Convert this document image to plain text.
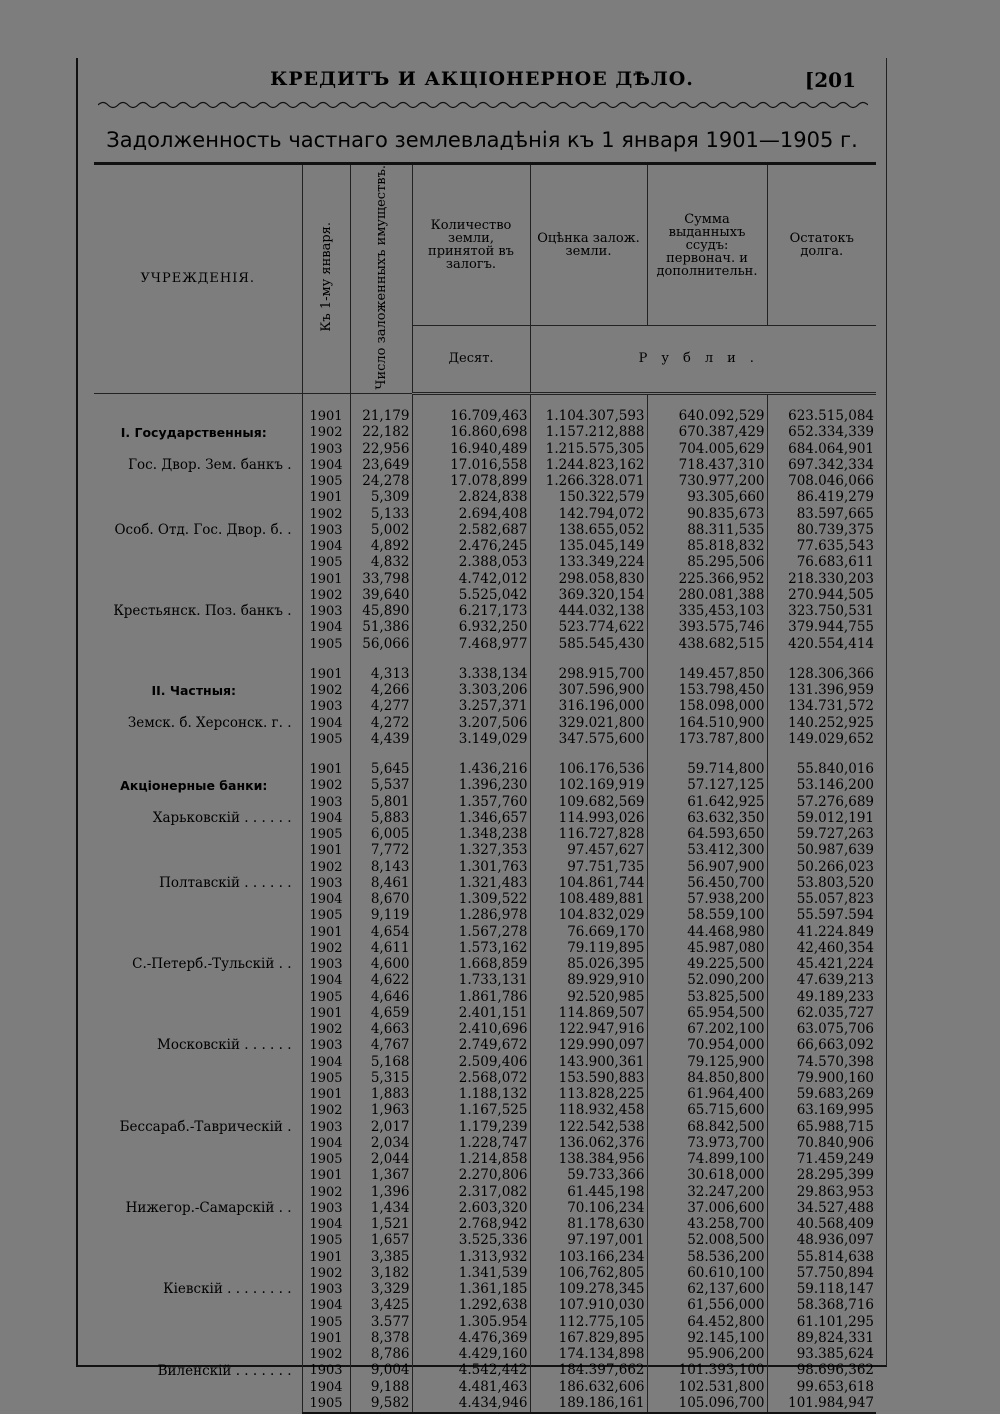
КРЕДИТЪ И АКЦІОНЕРНОЕ ДѢЛО.	[201
Задолженность частнаго землевладѣнія къ 1 января 1901—1905 г.
УЧРЕЖДЕНІЯ.	Къ 1-му января.	Число заложенныхъ имуществъ.	Количество земли, принятой въ залогъ.	Оцѣнка залож. земли.	Сумма выданныхъ ссудъ: первонач. и дополнительн.	Остатокъ долга.
			Десят.	Рубли.		

I. Государственныя:
Гос. Двор. Зем. банкъ .	1901	21,179	16.709,463	1.104.307,593	640.092,529	623.515,084
	1902	22,182	16.860,698	1.157.212,888	670.387,429	652.334,339
	1903	22,956	16.940,489	1.215.575,305	704.005,629	684.064,901
	1904	23,649	17.016,558	1.244.823,162	718.437,310	697.342,334
	1905	24,278	17.078,899	1.266.328.071	730.977,200	708.046,066
Особ. Отд. Гос. Двор. б. .	1901	5,309	2.824,838	150.322,579	93.305,660	86.419,279
	1902	5,133	2.694,408	142.794,072	90.835,673	83.597,665
	1903	5,002	2.582,687	138.655,052	88.311,535	80.739,375
	1904	4,892	2.476,245	135.045,149	85.818,832	77.635,543
	1905	4,832	2.388,053	133.349,224	85.295,506	76.683,611
Крестьянск. Поз. банкъ .	1901	33,798	4.742,012	298.058,830	225.366,952	218.330,203
	1902	39,640	5.525,042	369.320,154	280.081,388	270.944,505
	1903	45,890	6.217,173	444.032,138	335,453,103	323.750,531
	1904	51,386	6.932,250	523.774,622	393.575,746	379.944,755
	1905	56,066	7.468,977	585.545,430	438.682,515	420.554,414

II. Частныя:
Земск. б. Херсонск. г. .	1901	4,313	3.338,134	298.915,700	149.457,850	128.306,366
	1902	4,266	3.303,206	307.596,900	153.798,450	131.396,959
	1903	4,277	3.257,371	316.196,000	158.098,000	134.731,572
	1904	4,272	3.207,506	329.021,800	164.510,900	140.252,925
	1905	4,439	3.149,029	347.575,600	173.787,800	149.029,652

Акціонерные банки:
Харьковскій . . . . . .	1901	5,645	1.436,216	106.176,536	59.714,800	55.840,016
	1902	5,537	1.396,230	102.169,919	57.127,125	53.146,200
	1903	5,801	1.357,760	109.682,569	61.642,925	57.276,689
	1904	5,883	1.346,657	114.993,026	63.632,350	59.012,191
	1905	6,005	1.348,238	116.727,828	64.593,650	59.727,263
Полтавскій . . . . . .	1901	7,772	1.327,353	97.457,627	53.412,300	50.987,639
	1902	8,143	1.301,763	97.751,735	56.907,900	50.266,023
	1903	8,461	1.321,483	104.861,744	56.450,700	53.803,520
	1904	8,670	1.309,522	108.489,881	57.938,200	55.057,823
	1905	9,119	1.286,978	104.832,029	58.559,100	55.597.594
С.-Петерб.-Тульскій . .	1901	4,654	1.567,278	76.669,170	44.468,980	41.224.849
	1902	4,611	1.573,162	79.119,895	45.987,080	42,460,354
	1903	4,600	1.668,859	85.026,395	49.225,500	45.421,224
	1904	4,622	1.733,131	89.929,910	52.090,200	47.639,213
	1905	4,646	1.861,786	92.520,985	53.825,500	49.189,233
Московскій . . . . . .	1901	4,659	2.401,151	114.869,507	65.954,500	62.035,727
	1902	4,663	2.410,696	122.947,916	67.202,100	63.075,706
	1903	4,767	2.749,672	129.990,097	70.954,000	66,663,092
	1904	5,168	2.509,406	143.900,361	79.125,900	74.570,398
	1905	5,315	2.568,072	153.590,883	84.850,800	79.900,160
Бессараб.-Таврическій .	1901	1,883	1.188,132	113.828,225	61.964,400	59.683,269
	1902	1,963	1.167,525	118.932,458	65.715,600	63.169,995
	1903	2,017	1.179,239	122.542,538	68.842,500	65.988,715
	1904	2,034	1.228,747	136.062,376	73.973,700	70.840,906
	1905	2,044	1.214,858	138.384,956	74.899,100	71.459,249
Нижегор.-Самарскій . .	1901	1,367	2.270,806	59.733,366	30.618,000	28.295,399
	1902	1,396	2.317,082	61.445,198	32.247,200	29.863,953
	1903	1,434	2.603,320	70.106,234	37.006,600	34.527,488
	1904	1,521	2.768,942	81.178,630	43.258,700	40.568,409
	1905	1,657	3.525,336	97.197,001	52.008,500	48.936,097
Кіевскій . . . . . . . .	1901	3,385	1.313,932	103.166,234	58.536,200	55.814,638
	1902	3,182	1.341,539	106,762,805	60.610,100	57.750,894
	1903	3,329	1.361,185	109.278,345	62,137,600	59.118,147
	1904	3,425	1.292,638	107.910,030	61,556,000	58.368,716
	1905	3.577	1.305.954	112.775,105	64.452,800	61.101,295
Виленскій . . . . . . .	1901	8,378	4.476,369	167.829,895	92.145,100	89,824,331
	1902	8,786	4.429,160	174.134,898	95.906,200	93.385,624
	1903	9,004	4.542,442	184.397,662	101.393,100	98.696,362
	1904	9,188	4.481,463	186.632,606	102.531,800	99.653,618
	1905	9,582	4.434,946	189.186,161	105.096,700	101.984,947
